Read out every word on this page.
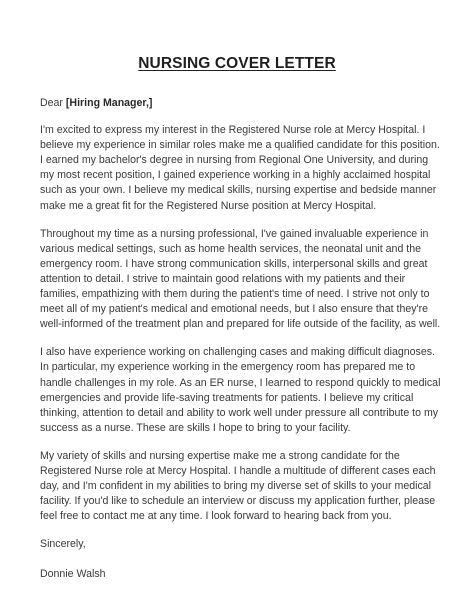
NURSING COVER LETTER
Dear [Hiring Manager,]

I'm excited to express my interest in the Registered Nurse role at Mercy Hospital. I believe my experience in similar roles make me a qualified candidate for this position. I earned my bachelor's degree in nursing from Regional One University, and during my most recent position, I gained experience working in a highly acclaimed hospital such as your own. I believe my medical skills, nursing expertise and bedside manner make me a great fit for the Registered Nurse position at Mercy Hospital.

Throughout my time as a nursing professional, I've gained invaluable experience in various medical settings, such as home health services, the neonatal unit and the emergency room. I have strong communication skills, interpersonal skills and great attention to detail. I strive to maintain good relations with my patients and their families, empathizing with them during the patient's time of need. I strive not only to meet all of my patient's medical and emotional needs, but I also ensure that they're well-informed of the treatment plan and prepared for life outside of the facility, as well.

I also have experience working on challenging cases and making difficult diagnoses. In particular, my experience working in the emergency room has prepared me to handle challenges in my role. As an ER nurse, I learned to respond quickly to medical emergencies and provide life-saving treatments for patients. I believe my critical thinking, attention to detail and ability to work well under pressure all contribute to my success as a nurse. These are skills I hope to bring to your facility.

My variety of skills and nursing expertise make me a strong candidate for the Registered Nurse role at Mercy Hospital. I handle a multitude of different cases each day, and I'm confident in my abilities to bring my diverse set of skills to your medical facility. If you'd like to schedule an interview or discuss my application further, please feel free to contact me at any time. I look forward to hearing back from you.

Sincerely,
Donnie Walsh
